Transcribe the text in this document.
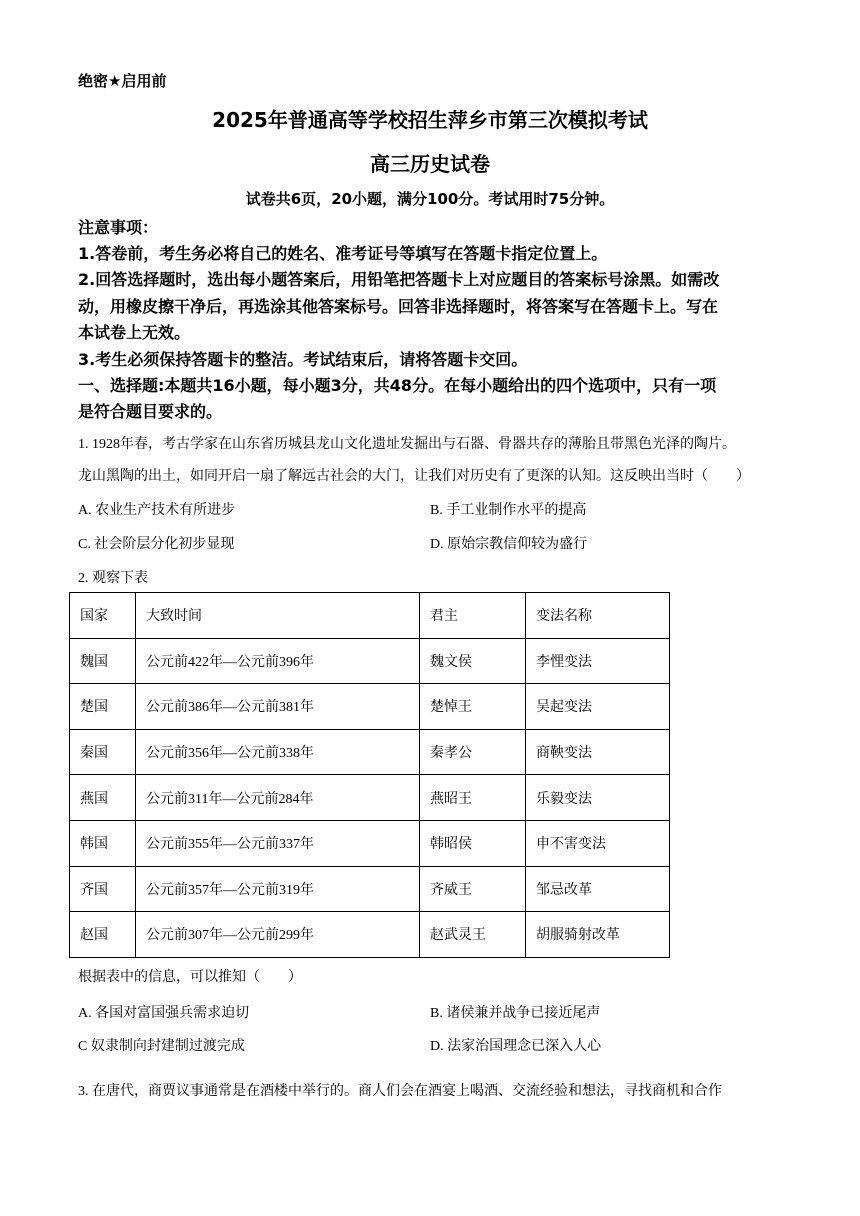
绝密★启用前
2025年普通高等学校招生萍乡市第三次模拟考试
高三历史试卷
试卷共6页，20小题，满分100分。考试用时75分钟。
注意事项：
1.答卷前，考生务必将自己的姓名、准考证号等填写在答题卡指定位置上。
2.回答选择题时，选出每小题答案后，用铅笔把答题卡上对应题目的答案标号涂黑。如需改
动，用橡皮擦干净后，再选涂其他答案标号。回答非选择题时，将答案写在答题卡上。写在
本试卷上无效。
3.考生必须保持答题卡的整洁。考试结束后，请将答题卡交回。
一、选择题:本题共16小题，每小题3分，共48分。在每小题给出的四个选项中，只有一项
是符合题目要求的。
1. 1928年春，考古学家在山东省历城县龙山文化遗址发掘出与石器、骨器共存的薄胎且带黑色光泽的陶片。
龙山黑陶的出土，如同开启一扇了解远古社会的大门，让我们对历史有了更深的认知。这反映出当时（　　）
A. 农业生产技术有所进步	B. 手工业制作水平的提高
C. 社会阶层分化初步显现	D. 原始宗教信仰较为盛行
2. 观察下表
国家	大致时间	君主	变法名称
魏国	公元前422年—公元前396年	魏文侯	李悝变法
楚国	公元前386年—公元前381年	楚悼王	吴起变法
秦国	公元前356年—公元前338年	秦孝公	商鞅变法
燕国	公元前311年—公元前284年	燕昭王	乐毅变法
韩国	公元前355年—公元前337年	韩昭侯	申不害变法
齐国	公元前357年—公元前319年	齐威王	邹忌改革
赵国	公元前307年—公元前299年	赵武灵王	胡服骑射改革
根据表中的信息，可以推知（　　）
A. 各国对富国强兵需求迫切	B. 诸侯兼并战争已接近尾声
C 奴隶制向封建制过渡完成	D. 法家治国理念已深入人心
3. 在唐代，商贾议事通常是在酒楼中举行的。商人们会在酒宴上喝酒、交流经验和想法，寻找商机和合作
